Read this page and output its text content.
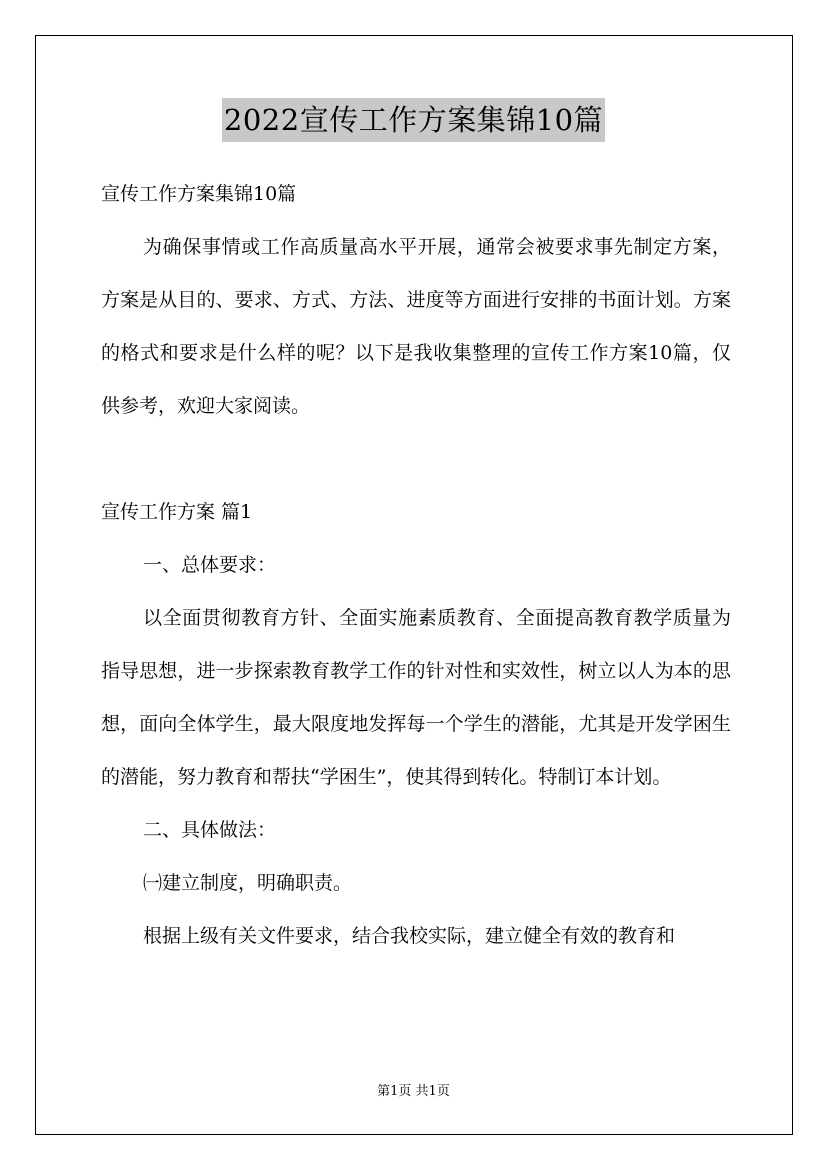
2022宣传工作方案集锦10篇

宣传工作方案集锦10篇

为确保事情或工作高质量高水平开展，通常会被要求事先制定方案，方案是从目的、要求、方式、方法、进度等方面进行安排的书面计划。方案的格式和要求是什么样的呢？以下是我收集整理的宣传工作方案10篇，仅供参考，欢迎大家阅读。

宣传工作方案 篇1

一、总体要求：

以全面贯彻教育方针、全面实施素质教育、全面提高教育教学质量为指导思想，进一步探索教育教学工作的针对性和实效性，树立以人为本的思想，面向全体学生，最大限度地发挥每一个学生的潜能，尤其是开发学困生的潜能，努力教育和帮扶“学困生”，使其得到转化。特制订本计划。

二、具体做法：

㈠建立制度，明确职责。

根据上级有关文件要求，结合我校实际，建立健全有效的教育和

第1页 共1页
